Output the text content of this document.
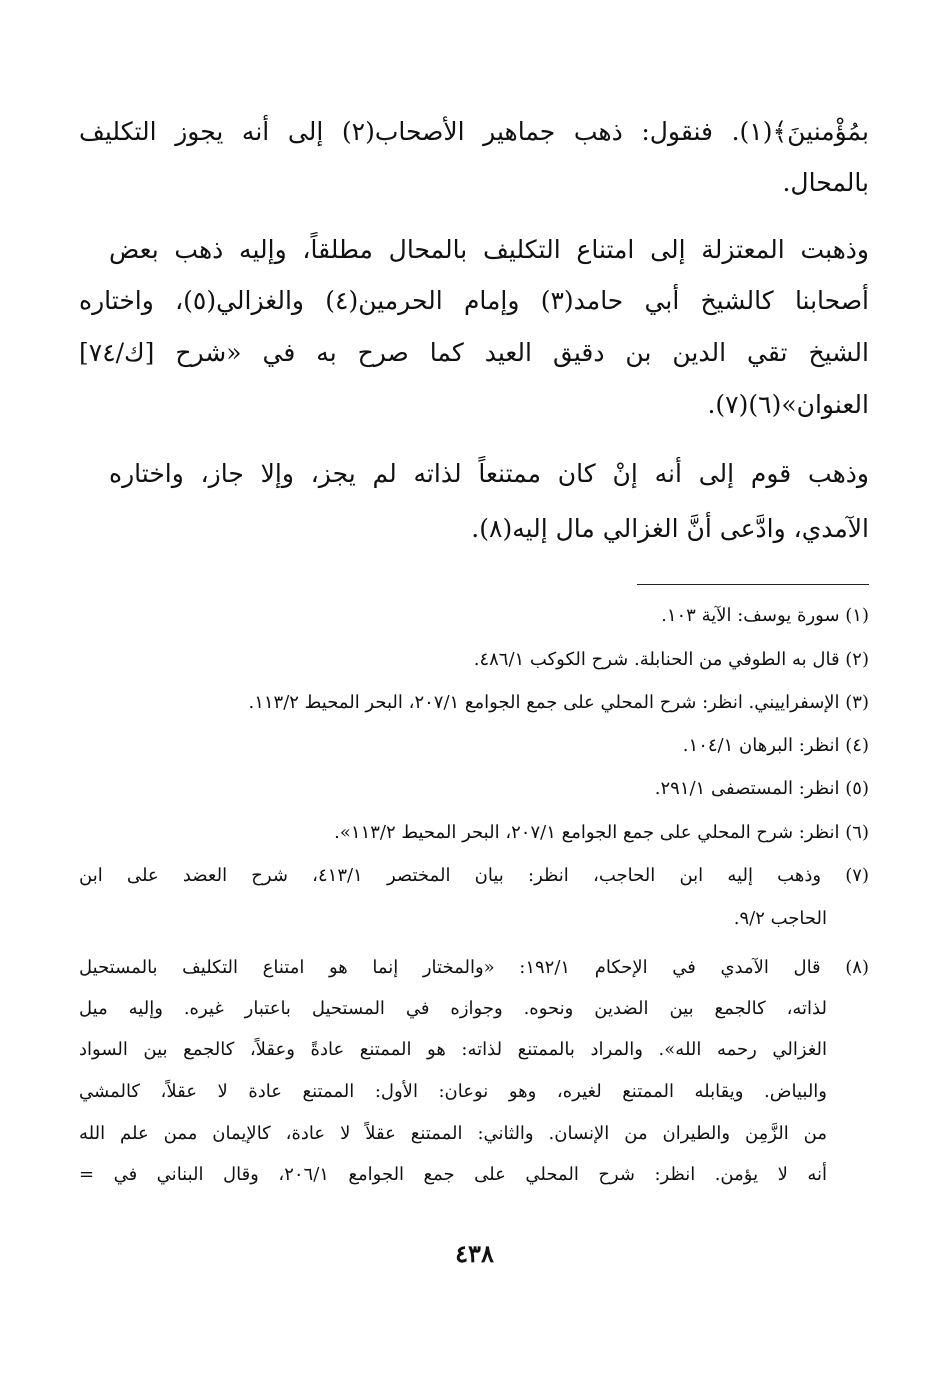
بمُؤْمنينَ﴾(١). فنقول: ذهب جماهير الأصحاب(٢) إلى أنه يجوز التكليف
بالمحال.
وذهبت المعتزلة إلى امتناع التكليف بالمحال مطلقاً، وإليه ذهب بعض
أصحابنا كالشيخ أبي حامد(٣) وإمام الحرمين(٤) والغزالي(٥)، واختاره
الشيخ تقي الدين بن دقيق العيد كما صرح به في «شرح [ك/٧٤]
العنوان»(٦)(٧).
وذهب قوم إلى أنه إنْ كان ممتنعاً لذاته لم يجز، وإلا جاز، واختاره
الآمدي، وادَّعى أنَّ الغزالي مال إليه(٨).
(١) سورة يوسف: الآية ١٠٣.
(٢) قال به الطوفي من الحنابلة. شرح الكوكب ٤٨٦/١.
(٣) الإسفراييني. انظر: شرح المحلي على جمع الجوامع ٢٠٧/١، البحر المحيط ١١٣/٢.
(٤) انظر: البرهان ١٠٤/١.
(٥) انظر: المستصفى ٢٩١/١.
(٦) انظر: شرح المحلي على جمع الجوامع ٢٠٧/١، البحر المحيط ١١٣/٢».
(٧) وذهب إليه ابن الحاجب، انظر: بيان المختصر ٤١٣/١، شرح العضد على ابن
الحاجب ٩/٢.
(٨) قال الآمدي في الإحكام ١٩٢/١: «والمختار إنما هو امتناع التكليف بالمستحيل
لذاته، كالجمع بين الضدين ونحوه. وجوازه في المستحيل باعتبار غيره. وإليه ميل
الغزالي رحمه الله». والمراد بالممتنع لذاته: هو الممتنع عادةً وعقلاً، كالجمع بين السواد
والبياض. ويقابله الممتنع لغيره، وهو نوعان: الأول: الممتنع عادة لا عقلاً، كالمشي
من الزَّمِن والطيران من الإنسان. والثاني: الممتنع عقلاً لا عادة، كالإيمان ممن علم الله
أنه لا يؤمن. انظر: شرح المحلي على جمع الجوامع ٢٠٦/١، وقال البناني في =
٤٣٨
